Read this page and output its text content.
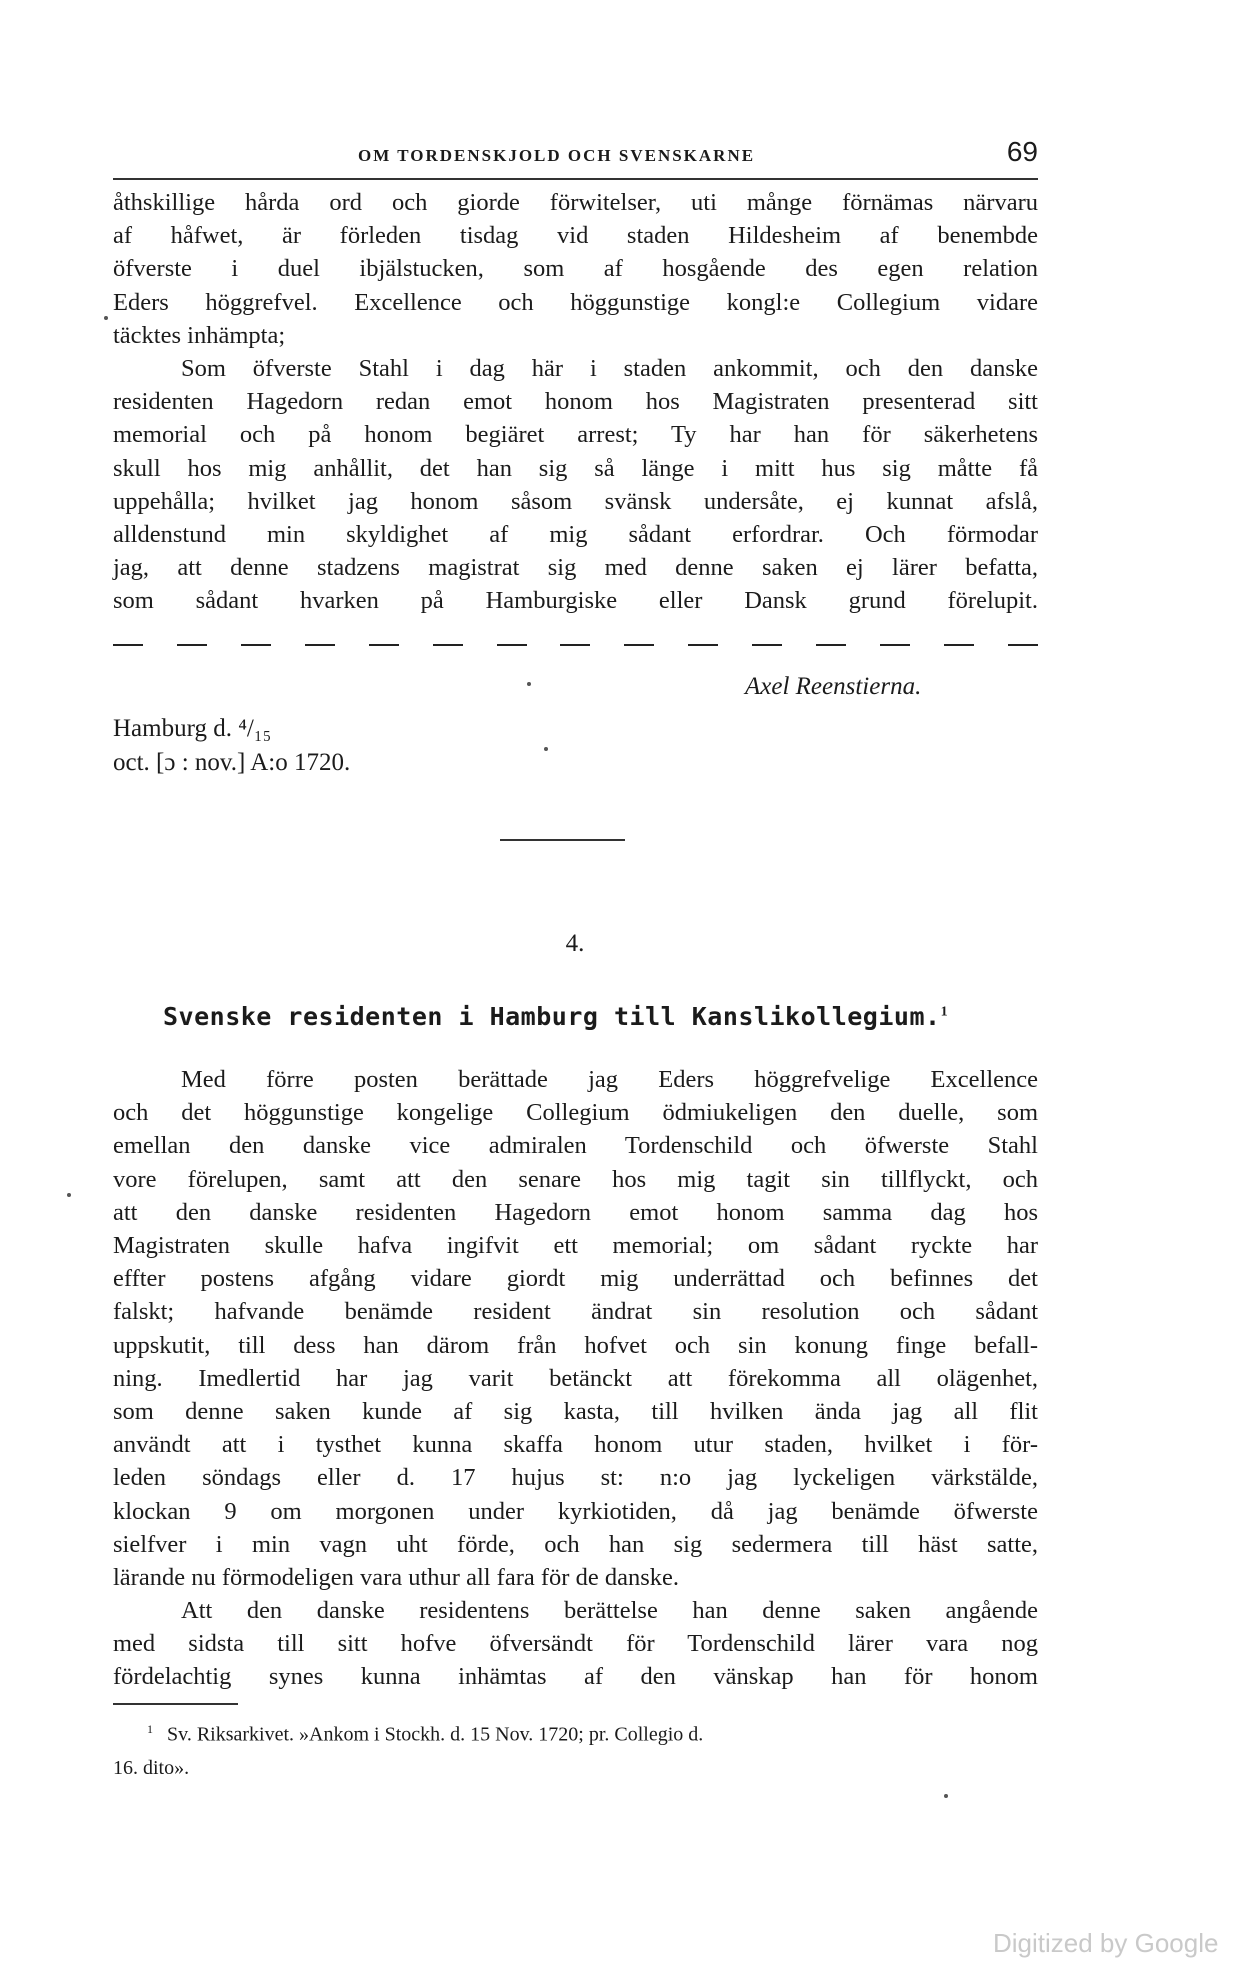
OM TORDENSKJOLD OCH SVENSKARNE	69
åthskillige hårda ord och giorde förwitelser, uti månge förnämas närvaru
af håfwet, är förleden tisdag vid staden Hildesheim af benembde
öfverste i duel ibjälstucken, som af hosgående des egen relation
Eders höggrefvel. Excellence och höggunstige kongl:e Collegium vidare
täcktes inhämpta;
Som öfverste Stahl i dag här i staden ankommit, och den danske
residenten Hagedorn redan emot honom hos Magistraten presenterad sitt
memorial och på honom begiäret arrest; Ty har han för säkerhetens
skull hos mig anhållit, det han sig så länge i mitt hus sig måtte få
uppehålla; hvilket jag honom såsom svänsk undersåte, ej kunnat afslå,
alldenstund min skyldighet af mig sådant erfordrar. Och förmodar
jag, att denne stadzens magistrat sig med denne saken ej lärer befatta,
som sådant hvarken på Hamburgiske eller Dansk grund förelupit.
Axel Reenstierna.
Hamburg d. ⁴/₁₅
oct. [ɔ : nov.] A:o 1720.
4.
Svenske residenten i Hamburg till Kanslikollegium.$^1$
Med förre posten berättade jag Eders höggrefvelige Excellence
och det höggunstige kongelige Collegium ödmiukeligen den duelle, som
emellan den danske vice admiralen Tordenschild och öfwerste Stahl
vore förelupen, samt att den senare hos mig tagit sin tillflyckt, och
att den danske residenten Hagedorn emot honom samma dag hos
Magistraten skulle hafva ingifvit ett memorial; om sådant ryckte har
effter postens afgång vidare giordt mig underrättad och befinnes det
falskt; hafvande benämde resident ändrat sin resolution och sådant
uppskutit, till dess han därom från hofvet och sin konung finge befall-
ning. Imedlertid har jag varit betänckt att förekomma all olägenhet,
som denne saken kunde af sig kasta, till hvilken ända jag all flit
användt att i tysthet kunna skaffa honom utur staden, hvilket i för-
leden söndags eller d. 17 hujus st: n:o jag lyckeligen värkstälde,
klockan 9 om morgonen under kyrkiotiden, då jag benämde öfwerste
sielfver i min vagn uht förde, och han sig sedermera till häst satte,
lärande nu förmodeligen vara uthur all fara för de danske.
Att den danske residentens berättelse han denne saken angående
med sidsta till sitt hofve öfversändt för Tordenschild lärer vara nog
fördelachtig synes kunna inhämtas af den vänskap han för honom
$^1$ Sv. Riksarkivet. »Ankom i Stockh. d. 15 Nov. 1720; pr. Collegio d.
16. dito».
Digitized by Google
